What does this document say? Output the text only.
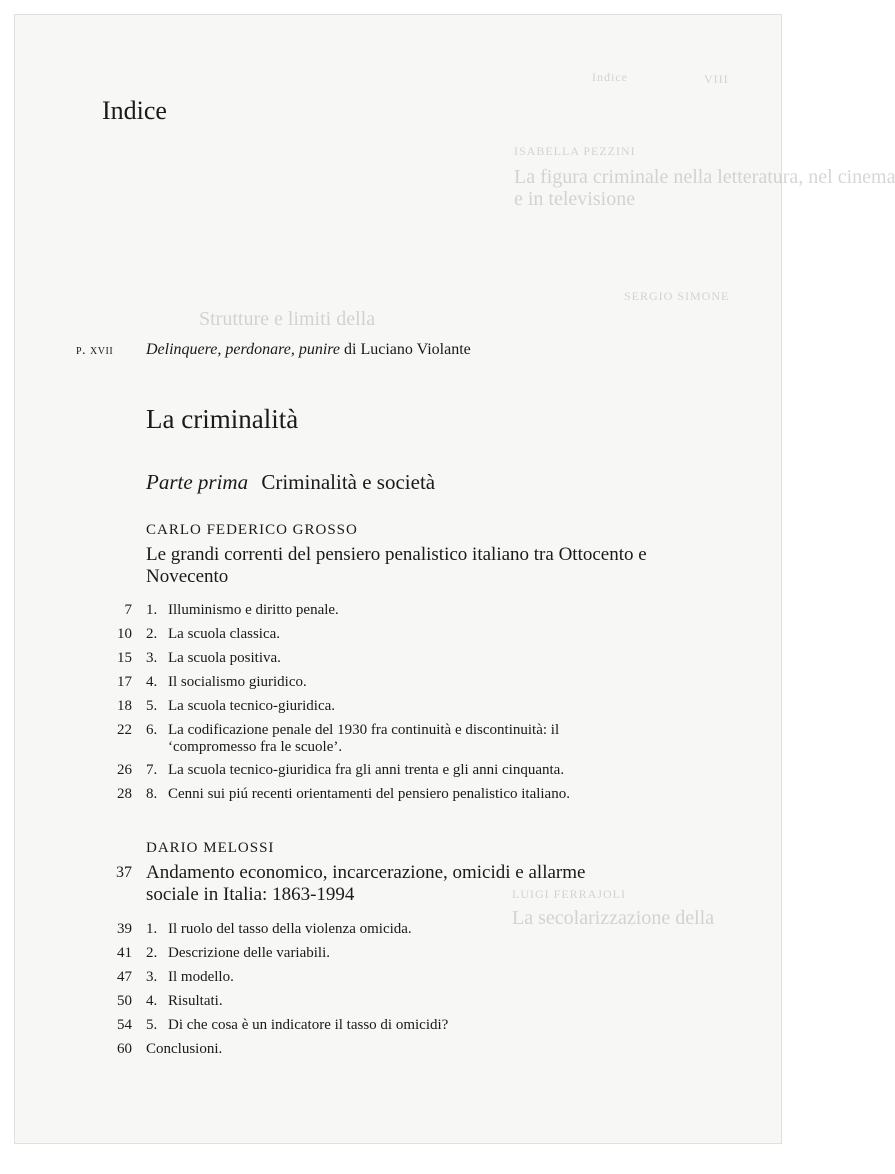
VIII
Indice
ISABELLA PEZZINI
La figura criminale nella letteratura, nel cinema
e in televisione
SERGIO SIMONE
Strutture e limiti della
LUIGI FERRAJOLI
La secolarizzazione della
Indice
p. xvii Delinquere, perdonare, punire di Luciano Violante
La criminalità
Parte prima Criminalità e società
CARLO FEDERICO GROSSO
Le grandi correnti del pensiero penalistico italiano tra Ottocento e Novecento
7 1. Illuminismo e diritto penale.
10 2. La scuola classica.
15 3. La scuola positiva.
17 4. Il socialismo giuridico.
18 5. La scuola tecnico-giuridica.
22 6. La codificazione penale del 1930 fra continuità e discontinuità: il ‘compromesso fra le scuole’.
26 7. La scuola tecnico-giuridica fra gli anni trenta e gli anni cinquanta.
28 8. Cenni sui piú recenti orientamenti del pensiero penalistico italiano.
DARIO MELOSSI
37 Andamento economico, incarcerazione, omicidi e allarme sociale in Italia: 1863-1994
39 1. Il ruolo del tasso della violenza omicida.
41 2. Descrizione delle variabili.
47 3. Il modello.
50 4. Risultati.
54 5. Di che cosa è un indicatore il tasso di omicidi?
60 Conclusioni.
